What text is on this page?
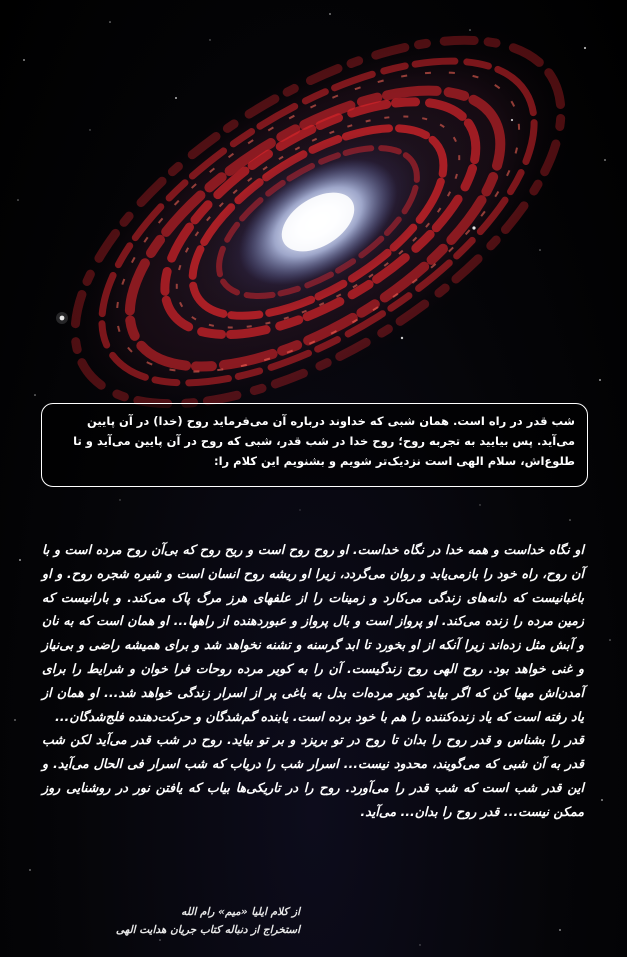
شب قدر در راه است. همان شبی که خداوند درباره آن می‌فرماید روح (خدا) در آن پایین می‌آید. پس بیایید به تجربه روح؛ روح خدا در شب قدر، شبی که روح در آن پایین می‌آید و تا طلوع‌اش، سلام الهی است نزدیک‌تر شویم و بشنویم این کلام را:

او نگاه خداست و همه خدا در نگاه خداست. او روح روح است و ریح روح که بی‌آن روح مرده است و با آن روح، راه خود را بازمی‌یابد و روان می‌گردد، زیرا او ریشه روح انسان است و شیره شجره روح. و او باغبانیست که دانه‌های زندگی می‌کارد و زمینات را از علفهای هرز مرگ پاک می‌کند. و بارانیست که زمین مرده را زنده می‌کند. او پرواز است و بال پرواز و عبوردهنده از راهها... او همان است که به نان و آبش مثل زده‌اند زیرا آنکه از او بخورد تا ابد گرسنه و تشنه نخواهد شد و برای همیشه راضی و بی‌نیاز و غنی خواهد بود. روح الهی روح زندگیست. آن را به کویر مرده روحات فرا خوان و شرایط را برای آمدن‌اش مهیا کن که اگر بیاید کویر مرده‌ات بدل به باغی پر از اسرار زندگی خواهد شد... او همان از یاد رفته است که یاد زنده‌کننده را هم با خود برده است. یابنده گم‌شدگان و حرکت‌دهنده فلج‌شدگان...

قدر را بشناس و قدر روح را بدان تا روح در تو بریزد و بر تو بیاید. روح در شب قدر می‌آید لکن شب قدر به آن شبی که می‌گویند، محدود نیست... اسرار شب را دریاب که شب اسرار فی الحال می‌آید. و این قدر شب است که شب قدر را می‌آورد. روح را در تاریکی‌ها بیاب که یافتن نور در روشنایی روز ممکن نیست... قدر روح را بدان... می‌آید.

از کلام ایلیا «میم» رام الله
استخراج از دنباله کتاب جریان هدایت الهی
